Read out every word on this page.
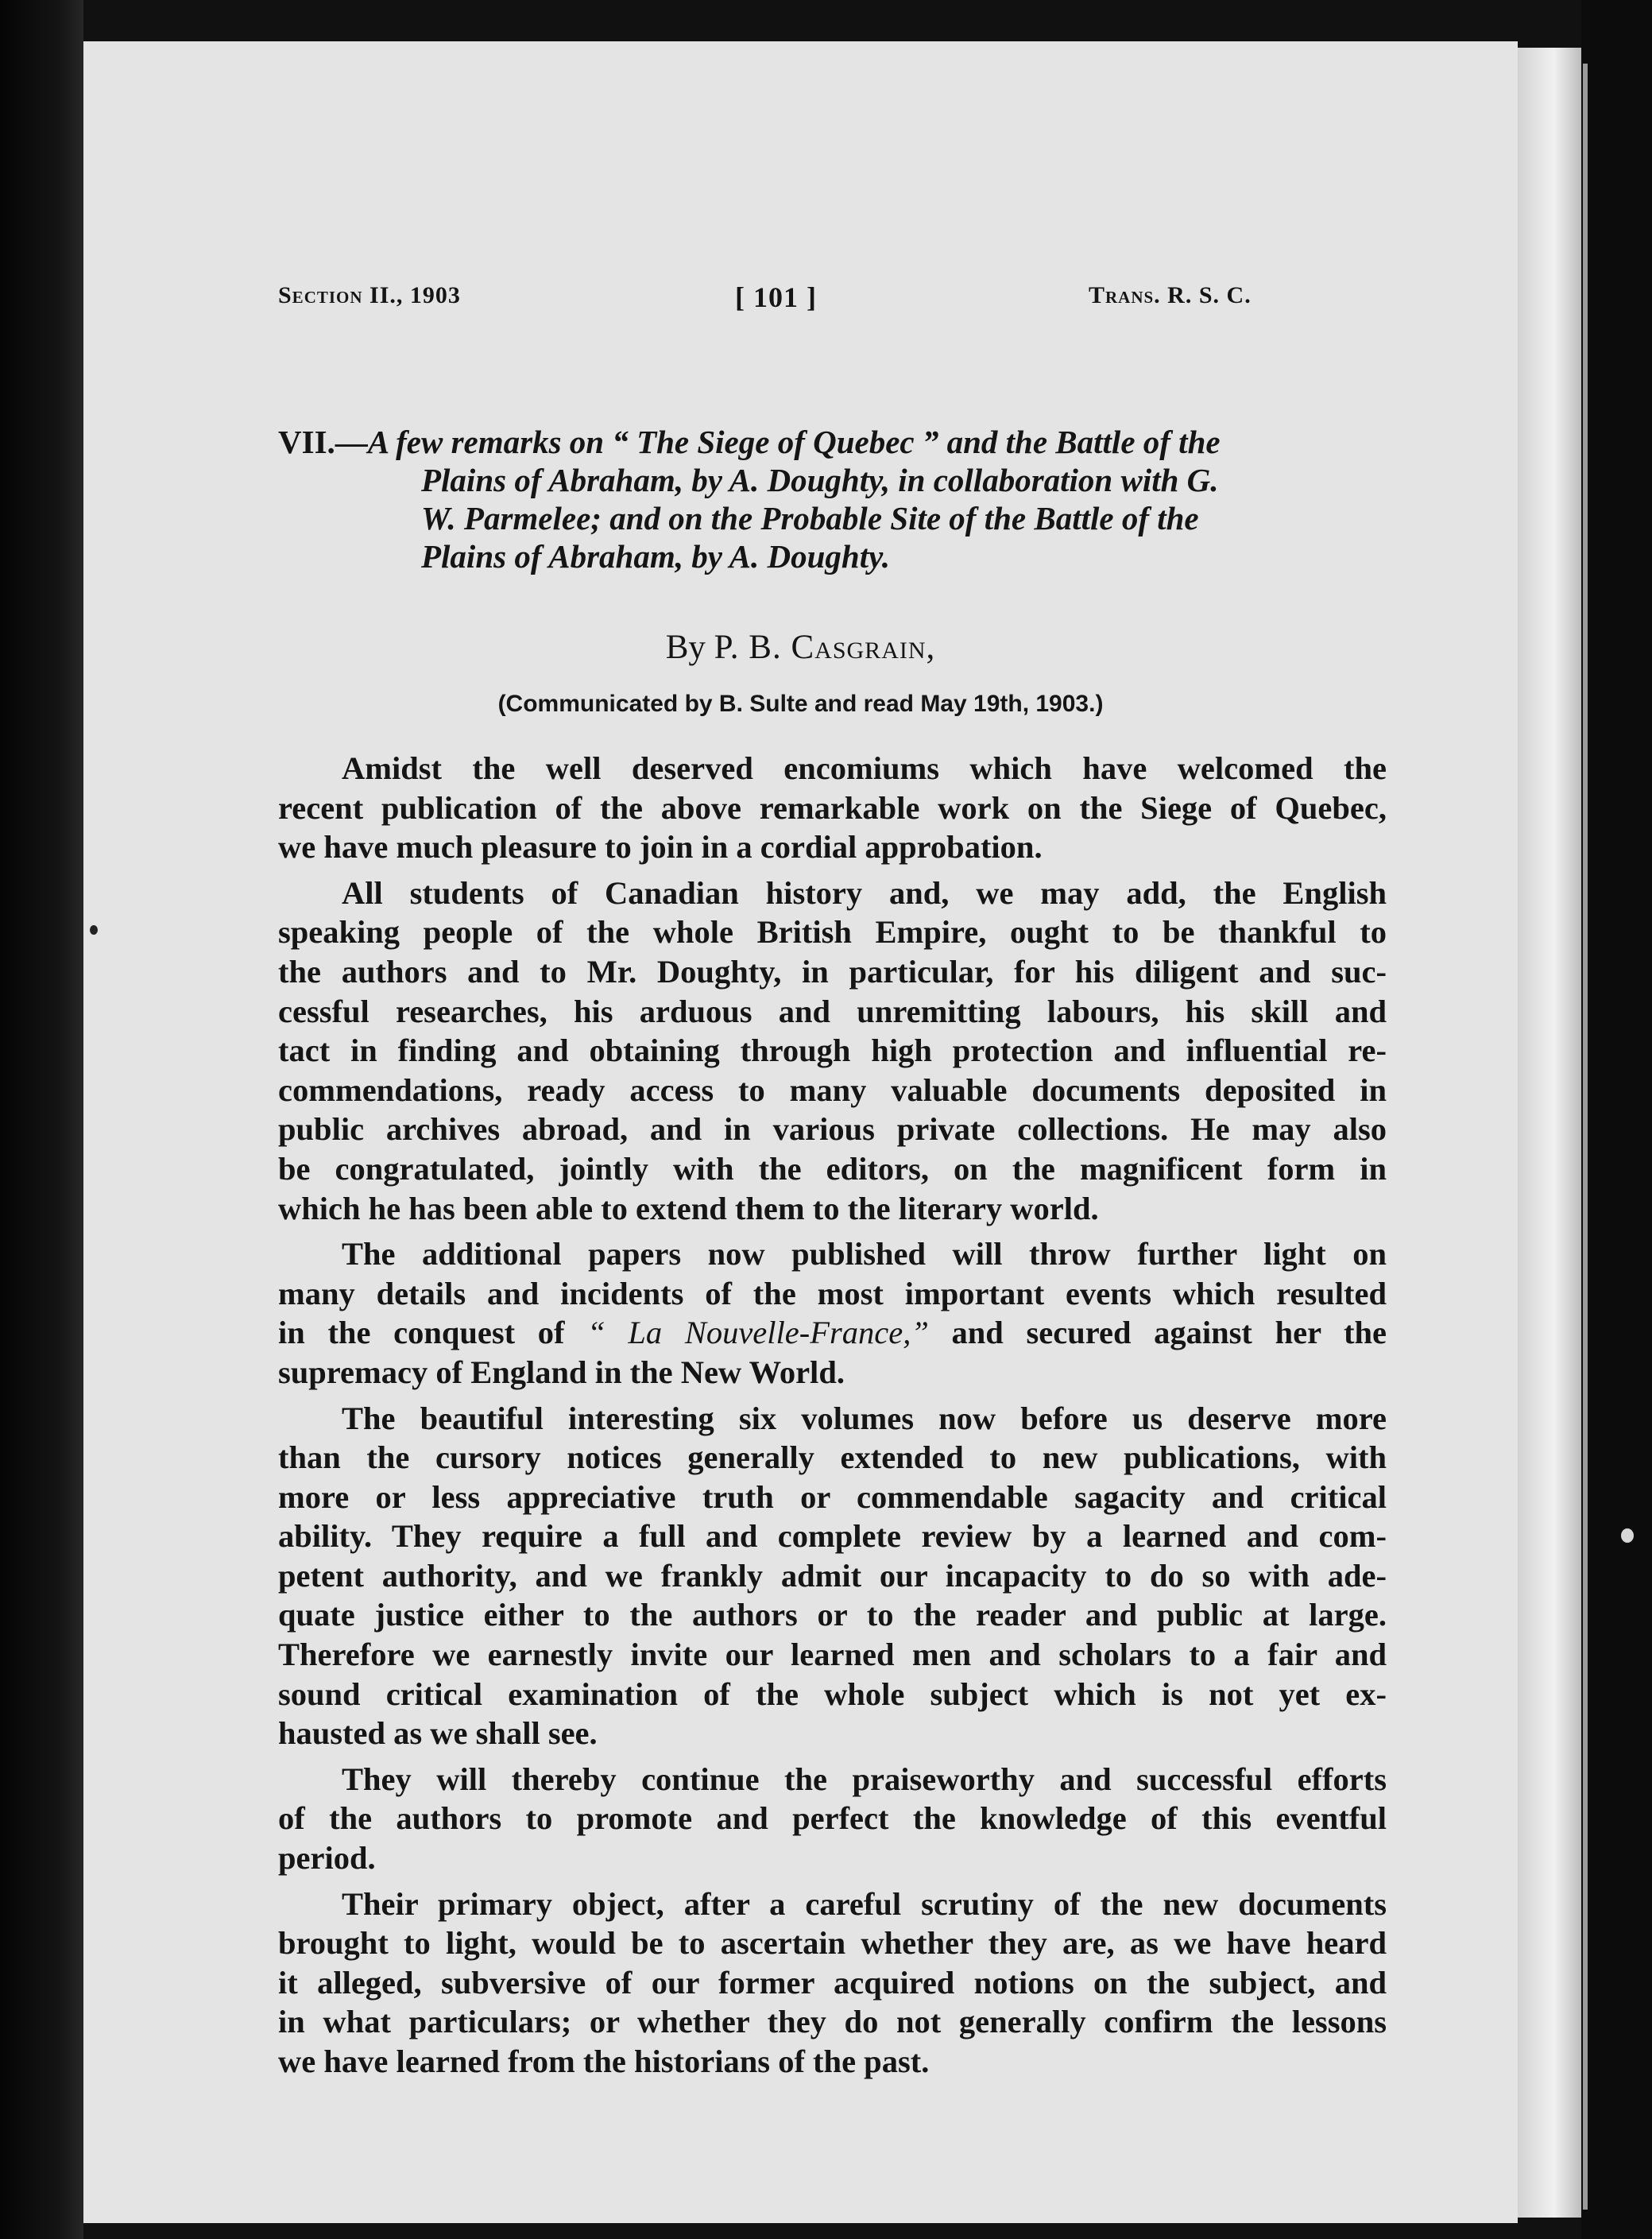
Section II., 1903	[ 101 ]	Trans. R. S. C.
VII.—A few remarks on “ The Siege of Quebec ” and the Battle of the
Plains of Abraham, by A. Doughty, in collaboration with G.
W. Parmelee; and on the Probable Site of the Battle of the
Plains of Abraham, by A. Doughty.
By P. B. Casgrain,
(Communicated by B. Sulte and read May 19th, 1903.)
Amidst the well deserved encomiums which have welcomed the
recent publication of the above remarkable work on the Siege of Quebec,
we have much pleasure to join in a cordial approbation.
All students of Canadian history and, we may add, the English
speaking people of the whole British Empire, ought to be thankful to
the authors and to Mr. Doughty, in particular, for his diligent and suc-
cessful researches, his arduous and unremitting labours, his skill and
tact in finding and obtaining through high protection and influential re-
commendations, ready access to many valuable documents deposited in
public archives abroad, and in various private collections. He may also
be congratulated, jointly with the editors, on the magnificent form in
which he has been able to extend them to the literary world.
The additional papers now published will throw further light on
many details and incidents of the most important events which resulted
in the conquest of “ La Nouvelle-France,” and secured against her the
supremacy of England in the New World.
The beautiful interesting six volumes now before us deserve more
than the cursory notices generally extended to new publications, with
more or less appreciative truth or commendable sagacity and critical
ability. They require a full and complete review by a learned and com-
petent authority, and we frankly admit our incapacity to do so with ade-
quate justice either to the authors or to the reader and public at large.
Therefore we earnestly invite our learned men and scholars to a fair and
sound critical examination of the whole subject which is not yet ex-
hausted as we shall see.
They will thereby continue the praiseworthy and successful efforts
of the authors to promote and perfect the knowledge of this eventful
period.
Their primary object, after a careful scrutiny of the new documents
brought to light, would be to ascertain whether they are, as we have heard
it alleged, subversive of our former acquired notions on the subject, and
in what particulars; or whether they do not generally confirm the lessons
we have learned from the historians of the past.
